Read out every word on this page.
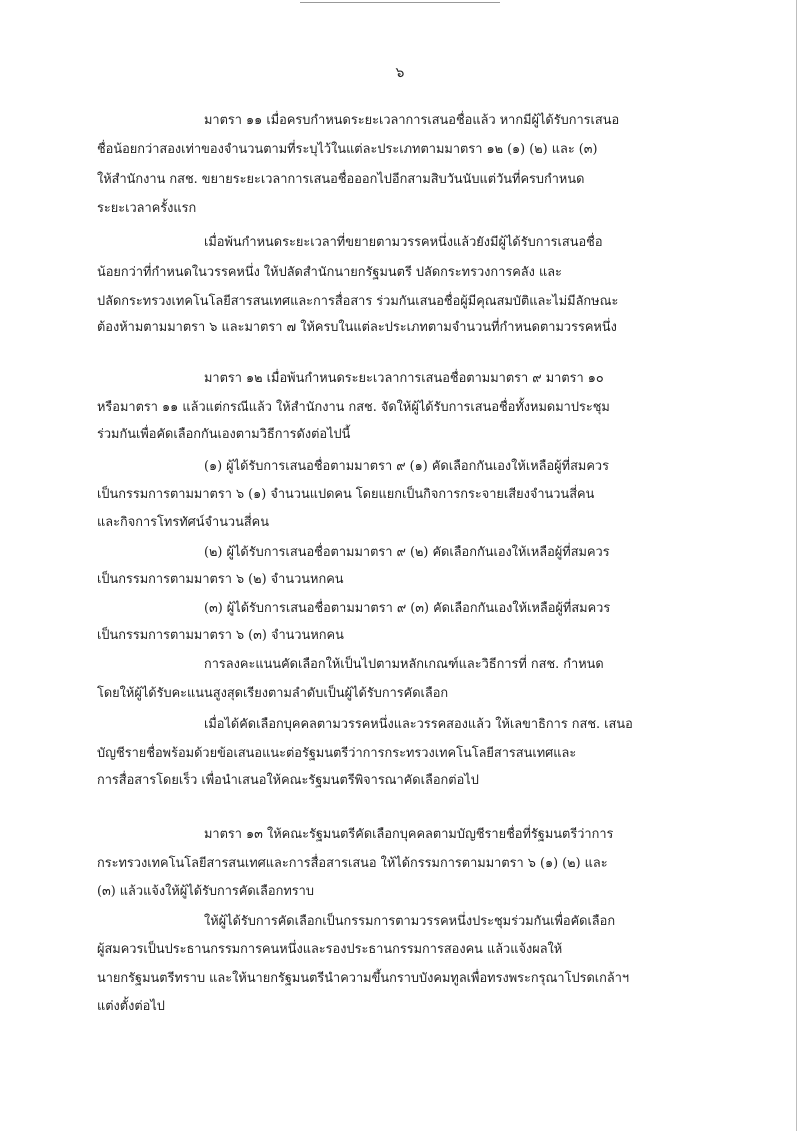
๖
มาตรา ๑๑ เมื่อครบกำหนดระยะเวลาการเสนอชื่อแล้ว หากมีผู้ได้รับการเสนอ
ชื่อน้อยกว่าสองเท่าของจำนวนตามที่ระบุไว้ในแต่ละประเภทตามมาตรา ๑๒ (๑) (๒) และ (๓)
ให้สำนักงาน กสช. ขยายระยะเวลาการเสนอชื่อออกไปอีกสามสิบวันนับแต่วันที่ครบกำหนด
ระยะเวลาครั้งแรก
เมื่อพ้นกำหนดระยะเวลาที่ขยายตามวรรคหนึ่งแล้วยังมีผู้ได้รับการเสนอชื่อ
น้อยกว่าที่กำหนดในวรรคหนึ่ง ให้ปลัดสำนักนายกรัฐมนตรี ปลัดกระทรวงการคลัง และ
ปลัดกระทรวงเทคโนโลยีสารสนเทศและการสื่อสาร ร่วมกันเสนอชื่อผู้มีคุณสมบัติและไม่มีลักษณะ
ต้องห้ามตามมาตรา ๖ และมาตรา ๗ ให้ครบในแต่ละประเภทตามจำนวนที่กำหนดตามวรรคหนึ่ง
มาตรา ๑๒ เมื่อพ้นกำหนดระยะเวลาการเสนอชื่อตามมาตรา ๙ มาตรา ๑๐
หรือมาตรา ๑๑ แล้วแต่กรณีแล้ว ให้สำนักงาน กสช. จัดให้ผู้ได้รับการเสนอชื่อทั้งหมดมาประชุม
ร่วมกันเพื่อคัดเลือกกันเองตามวิธีการดังต่อไปนี้
(๑) ผู้ได้รับการเสนอชื่อตามมาตรา ๙ (๑) คัดเลือกกันเองให้เหลือผู้ที่สมควร
เป็นกรรมการตามมาตรา ๖ (๑) จำนวนแปดคน โดยแยกเป็นกิจการกระจายเสียงจำนวนสี่คน
และกิจการโทรทัศน์จำนวนสี่คน
(๒) ผู้ได้รับการเสนอชื่อตามมาตรา ๙ (๒) คัดเลือกกันเองให้เหลือผู้ที่สมควร
เป็นกรรมการตามมาตรา ๖ (๒) จำนวนหกคน
(๓) ผู้ได้รับการเสนอชื่อตามมาตรา ๙ (๓) คัดเลือกกันเองให้เหลือผู้ที่สมควร
เป็นกรรมการตามมาตรา ๖ (๓) จำนวนหกคน
การลงคะแนนคัดเลือกให้เป็นไปตามหลักเกณฑ์และวิธีการที่ กสช. กำหนด
โดยให้ผู้ได้รับคะแนนสูงสุดเรียงตามลำดับเป็นผู้ได้รับการคัดเลือก
เมื่อได้คัดเลือกบุคคลตามวรรคหนึ่งและวรรคสองแล้ว ให้เลขาธิการ กสช. เสนอ
บัญชีรายชื่อพร้อมด้วยข้อเสนอแนะต่อรัฐมนตรีว่าการกระทรวงเทคโนโลยีสารสนเทศและ
การสื่อสารโดยเร็ว เพื่อนำเสนอให้คณะรัฐมนตรีพิจารณาคัดเลือกต่อไป
มาตรา ๑๓ ให้คณะรัฐมนตรีคัดเลือกบุคคลตามบัญชีรายชื่อที่รัฐมนตรีว่าการ
กระทรวงเทคโนโลยีสารสนเทศและการสื่อสารเสนอ ให้ได้กรรมการตามมาตรา ๖ (๑) (๒) และ
(๓) แล้วแจ้งให้ผู้ได้รับการคัดเลือกทราบ
ให้ผู้ได้รับการคัดเลือกเป็นกรรมการตามวรรคหนึ่งประชุมร่วมกันเพื่อคัดเลือก
ผู้สมควรเป็นประธานกรรมการคนหนึ่งและรองประธานกรรมการสองคน แล้วแจ้งผลให้
นายกรัฐมนตรีทราบ และให้นายกรัฐมนตรีนำความขึ้นกราบบังคมทูลเพื่อทรงพระกรุณาโปรดเกล้าฯ
แต่งตั้งต่อไป
